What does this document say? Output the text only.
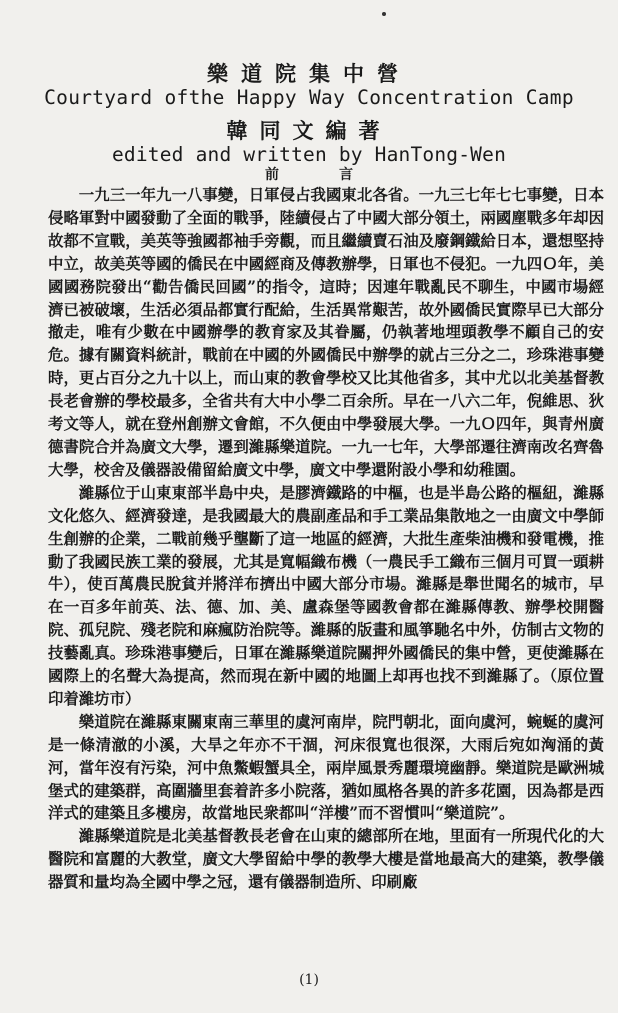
樂道院集中營
Courtyard ofthe Happy Way Concentration Camp
韓同文編著
edited and written by HanTong-Wen
前言

一九三一年九一八事變，日軍侵占我國東北各省。一九三七年七七事變，日本侵略軍對中國發動了全面的戰爭，陸續侵占了中國大部分領土，兩國塵戰多年却因故都不宣戰，美英等強國都袖手旁觀，而且繼續賣石油及廢鋼鐵給日本，還想堅持中立，故美英等國的僑民在中國經商及傳教辦學，日軍也不侵犯。一九四Ｏ年，美國國務院發出“勸告僑民回國”的指令，這時；因連年戰亂民不聊生，中國市場經濟已被破壞，生活必須品都實行配給，生活異常艱苦，故外國僑民實際早已大部分撤走，唯有少數在中國辦學的教育家及其眷屬，仍執著地埋頭教學不顧自己的安危。據有關資料統計，戰前在中國的外國僑民中辦學的就占三分之二，珍珠港事變時，更占百分之九十以上，而山東的教會學校又比其他省多，其中尤以北美基督教長老會辦的學校最多，全省共有大中小學二百余所。早在一八六二年，倪維思、狄考文等人，就在登州創辦文會館，不久便由中學發展大學。一九Ｏ四年，與青州廣德書院合并為廣文大學，遷到濰縣樂道院。一九一七年，大學部遷往濟南改名齊魯大學，校舍及儀器設備留給廣文中學，廣文中學還附設小學和幼稚園。

濰縣位于山東東部半島中央，是膠濟鐵路的中樞，也是半島公路的樞紐，濰縣文化悠久、經濟發達，是我國最大的農副產品和手工業品集散地之一由廣文中學師生創辦的企業，二戰前幾乎壟斷了這一地區的經濟，大批生產柴油機和發電機，推動了我國民族工業的發展，尤其是寬幅織布機（一農民手工織布三個月可買一頭耕牛），使百萬農民脫貧并將洋布擠出中國大部分市場。濰縣是舉世聞名的城市，早在一百多年前英、法、德、加、美、盧森堡等國教會都在濰縣傳教、辦學校開醫院、孤兒院、殘老院和麻瘋防治院等。濰縣的版畫和風箏馳名中外，仿制古文物的技藝亂真。珍珠港事變后，日軍在濰縣樂道院關押外國僑民的集中營，更使濰縣在國際上的名聲大為提高，然而現在新中國的地圖上却再也找不到濰縣了。（原位置印着濰坊市）

樂道院在濰縣東關東南三華里的虞河南岸，院門朝北，面向虞河，蜿蜒的虞河是一條清澈的小溪，大旱之年亦不干涸，河床很寬也很深，大雨后宛如洶涌的黃河，當年沒有污染，河中魚鱉蝦蟹具全，兩岸風景秀麗環境幽靜。樂道院是歐洲城堡式的建築群，高圍牆里套着許多小院落，猶如風格各異的許多花園，因為都是西洋式的建築且多樓房，故當地民衆都叫“洋樓”而不習慣叫“樂道院”。

濰縣樂道院是北美基督教長老會在山東的總部所在地，里面有一所現代化的大醫院和富麗的大教堂，廣文大學留給中學的教學大樓是當地最高大的建築，教學儀器質和量均為全國中學之冠，還有儀器制造所、印刷廠

(1)
